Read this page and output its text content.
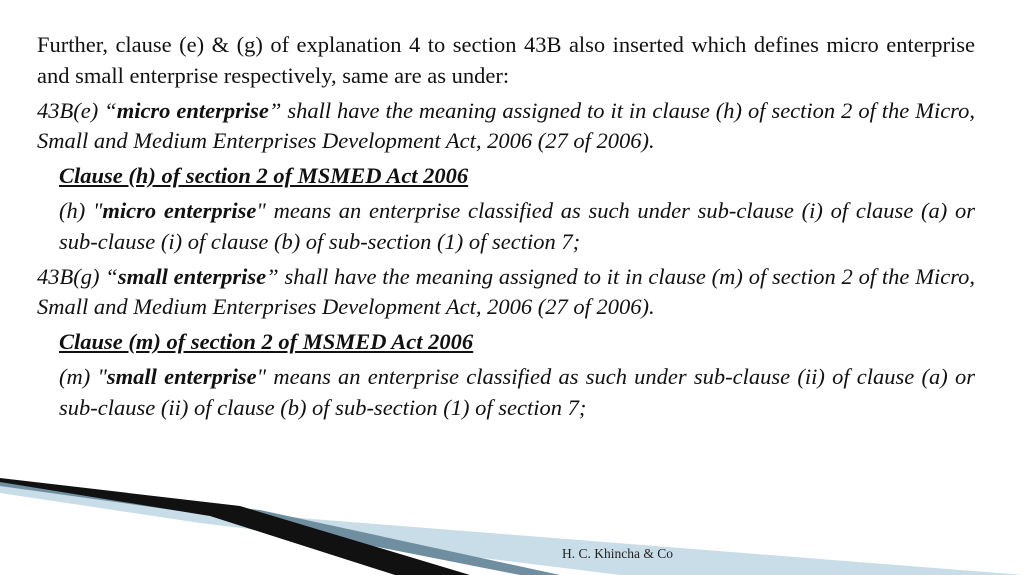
Further, clause (e) & (g) of explanation 4 to section 43B also inserted which defines micro enterprise and small enterprise respectively, same are as under:

43B(e) “micro enterprise” shall have the meaning assigned to it in clause (h) of section 2 of the Micro, Small and Medium Enterprises Development Act, 2006 (27 of 2006).

Clause (h) of section 2 of MSMED Act 2006

(h) "micro enterprise" means an enterprise classified as such under sub-clause (i) of clause (a) or sub-clause (i) of clause (b) of sub-section (1) of section 7;

43B(g) “small enterprise” shall have the meaning assigned to it in clause (m) of section 2 of the Micro, Small and Medium Enterprises Development Act, 2006 (27 of 2006).

Clause (m) of section 2 of MSMED Act 2006

(m) "small enterprise" means an enterprise classified as such under sub-clause (ii) of clause (a) or sub-clause (ii) of clause (b) of sub-section (1) of section 7;

H. C. Khincha & Co
